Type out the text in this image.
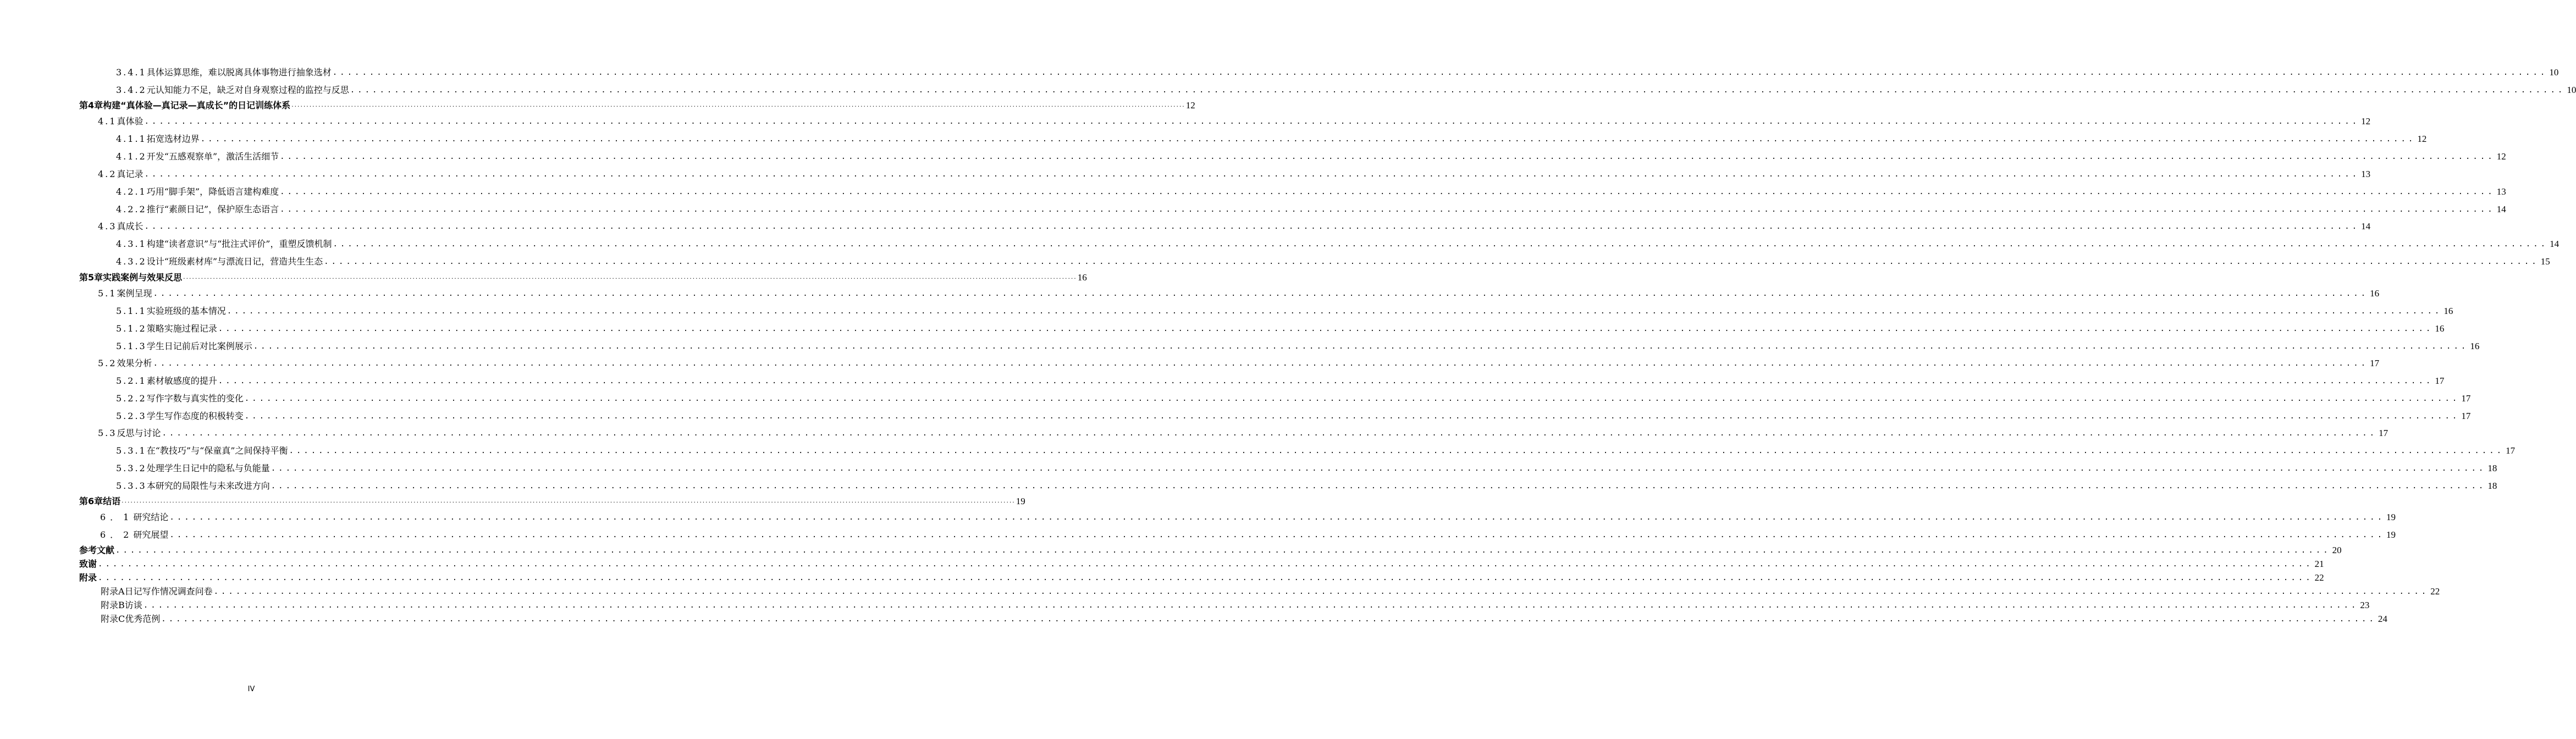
3.4.1 具体运算思维，难以脱离具体事物进行抽象选材 ............................................................................................................................................................................................................................................................................................................ 10
3.4.2 元认知能力不足，缺乏对自身观察过程的监控与反思 ............................................................................................................................................................................................................................................................................................................ 10
第4章 构建“真体验—真记录—真成长”的日记训练体系 ............................................................................................................................................................................................................................................................................................................ 12
4.1 真体验 ............................................................................................................................................................................................................................................................................................................ 12
4.1.1 拓宽选材边界 ............................................................................................................................................................................................................................................................................................................ 12
4.1.2 开发“五感观察单”，激活生活细节 ............................................................................................................................................................................................................................................................................................................ 12
4.2 真记录 ............................................................................................................................................................................................................................................................................................................ 13
4.2.1 巧用“脚手架”，降低语言建构难度 ............................................................................................................................................................................................................................................................................................................ 13
4.2.2 推行“素颜日记”，保护原生态语言 ............................................................................................................................................................................................................................................................................................................ 14
4.3 真成长 ............................................................................................................................................................................................................................................................................................................ 14
4.3.1 构建“读者意识”与“批注式评价”，重塑反馈机制 ............................................................................................................................................................................................................................................................................................................ 14
4.3.2 设计“班级素材库”与漂流日记，营造共生生态 ............................................................................................................................................................................................................................................................................................................ 15
第5章 实践案例与效果反思 ............................................................................................................................................................................................................................................................................................................ 16
5.1 案例呈现 ............................................................................................................................................................................................................................................................................................................ 16
5.1.1 实验班级的基本情况 ............................................................................................................................................................................................................................................................................................................ 16
5.1.2 策略实施过程记录 ............................................................................................................................................................................................................................................................................................................ 16
5.1.3 学生日记前后对比案例展示 ............................................................................................................................................................................................................................................................................................................ 16
5.2 效果分析 ............................................................................................................................................................................................................................................................................................................ 17
5.2.1 素材敏感度的提升 ............................................................................................................................................................................................................................................................................................................ 17
5.2.2 写作字数与真实性的变化 ............................................................................................................................................................................................................................................................................................................ 17
5.2.3 学生写作态度的积极转变 ............................................................................................................................................................................................................................................................................................................ 17
5.3 反思与讨论 ............................................................................................................................................................................................................................................................................................................ 17
5.3.1 在“教技巧”与“保童真”之间保持平衡 ............................................................................................................................................................................................................................................................................................................ 17
5.3.2 处理学生日记中的隐私与负能量 ............................................................................................................................................................................................................................................................................................................ 18
5.3.3 本研究的局限性与未来改进方向 ............................................................................................................................................................................................................................................................................................................ 18
第6章 结语 ............................................................................................................................................................................................................................................................................................................ 19
6．1 研究结论 ............................................................................................................................................................................................................................................................................................................ 19
6．2 研究展望 ............................................................................................................................................................................................................................................................................................................ 19
参考文献 ............................................................................................................................................................................................................................................................................................................ 20
致谢 ............................................................................................................................................................................................................................................................................................................ 21
附录 ............................................................................................................................................................................................................................................................................................................ 22
附录A 日记写作情况调查问卷 ............................................................................................................................................................................................................................................................................................................ 22
附录B 访谈 ............................................................................................................................................................................................................................................................................................................ 23
附录C 优秀范例 ............................................................................................................................................................................................................................................................................................................ 24
IV
